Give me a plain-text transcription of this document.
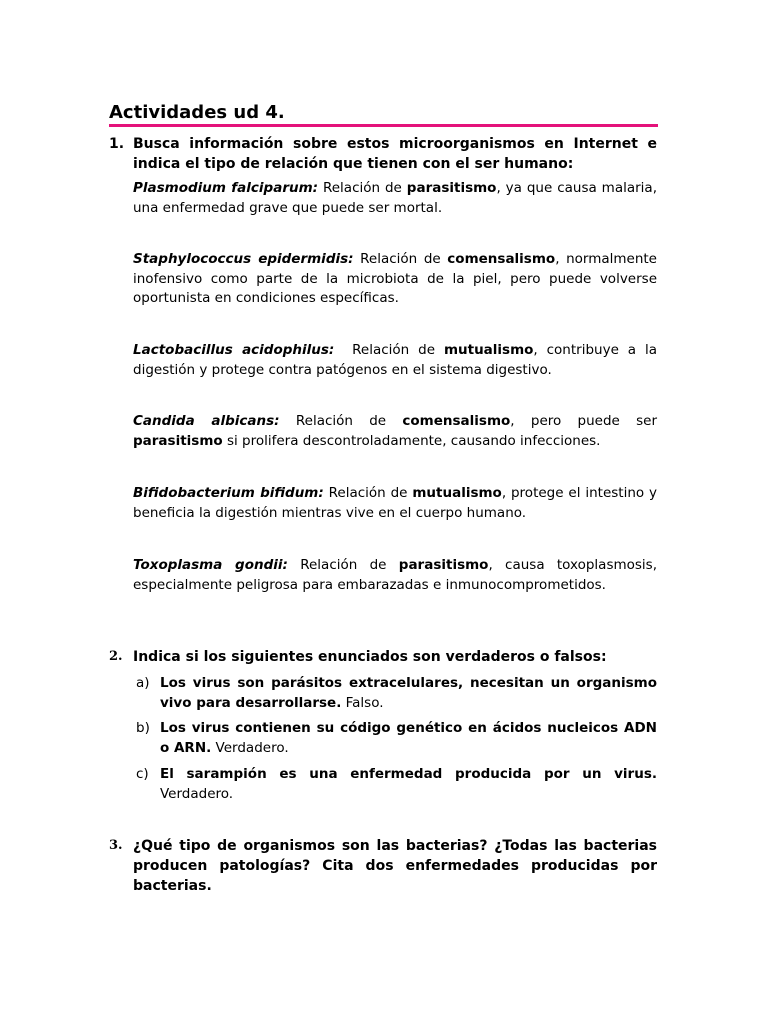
Actividades ud 4.
1. Busca información sobre estos microorganismos en Internet e indica el tipo de relación que tienen con el ser humano:
Plasmodium falciparum: Relación de parasitismo, ya que causa malaria, una enfermedad grave que puede ser mortal.
Staphylococcus epidermidis: Relación de comensalismo, normalmente inofensivo como parte de la microbiota de la piel, pero puede volverse oportunista en condiciones específicas.
Lactobacillus acidophilus:  Relación de mutualismo, contribuye a la digestión y protege contra patógenos en el sistema digestivo.
Candida albicans: Relación de comensalismo, pero puede ser parasitismo si prolifera descontroladamente, causando infecciones.
Bifidobacterium bifidum: Relación de mutualismo, protege el intestino y beneficia la digestión mientras vive en el cuerpo humano.
Toxoplasma gondii: Relación de parasitismo, causa toxoplasmosis, especialmente peligrosa para embarazadas e inmunocomprometidos.
2. Indica si los siguientes enunciados son verdaderos o falsos:
a) Los virus son parásitos extracelulares, necesitan un organismo vivo para desarrollarse. Falso.
b) Los virus contienen su código genético en ácidos nucleicos ADN o ARN. Verdadero.
c) El sarampión es una enfermedad producida por un virus. Verdadero.
3. ¿Qué tipo de organismos son las bacterias? ¿Todas las bacterias producen patologías? Cita dos enfermedades producidas por bacterias.
